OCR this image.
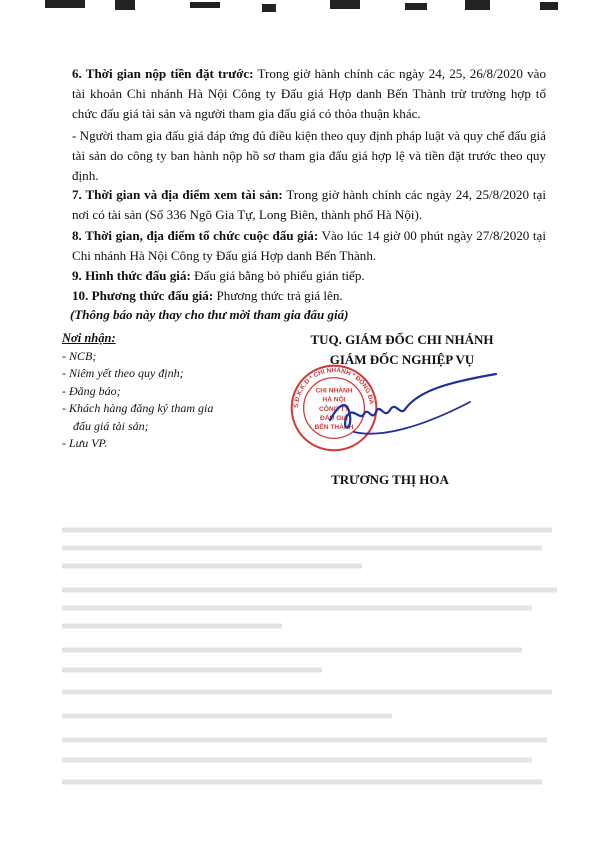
6. Thời gian nộp tiền đặt trước: Trong giờ hành chính các ngày 24, 25, 26/8/2020 vào tài khoản Chi nhánh Hà Nội Công ty Đấu giá Hợp danh Bến Thành trừ trường hợp tổ chức đấu giá tài sản và người tham gia đấu giá có thỏa thuận khác.

- Người tham gia đấu giá đáp ứng đủ điều kiện theo quy định pháp luật và quy chế đấu giá tài sản do công ty ban hành nộp hồ sơ tham gia đấu giá hợp lệ và tiền đặt trước theo quy định.

7. Thời gian và địa điểm xem tài sản: Trong giờ hành chính các ngày 24, 25/8/2020 tại nơi có tài sản (Số 336 Ngõ Gia Tự, Long Biên, thành phố Hà Nội).

8. Thời gian, địa điểm tổ chức cuộc đấu giá: Vào lúc 14 giờ 00 phút ngày 27/8/2020 tại Chi nhánh Hà Nội Công ty Đấu giá Hợp danh Bến Thành.

9. Hình thức đấu giá: Đấu giá bằng bỏ phiếu gián tiếp.

10. Phương thức đấu giá: Phương thức trả giá lên.

(Thông báo này thay cho thư mời tham gia đấu giá)
Nơi nhận:
- NCB;
- Niêm yết theo quy định;
- Đăng báo;
- Khách hàng đăng ký tham gia
đấu giá tài sản;
- Lưu VP.
TUQ. GIÁM ĐỐC CHI NHÁNH
GIÁM ĐỐC NGHIỆP VỤ
S.Đ.K.K.D * CHI NHÁNH * ĐỐNG ĐA
CHI NHÁNH
HÀ NỘI
CÔNG TY
ĐẤU GIÁ
BẾN THÀNH
TRƯƠNG THỊ HOA
